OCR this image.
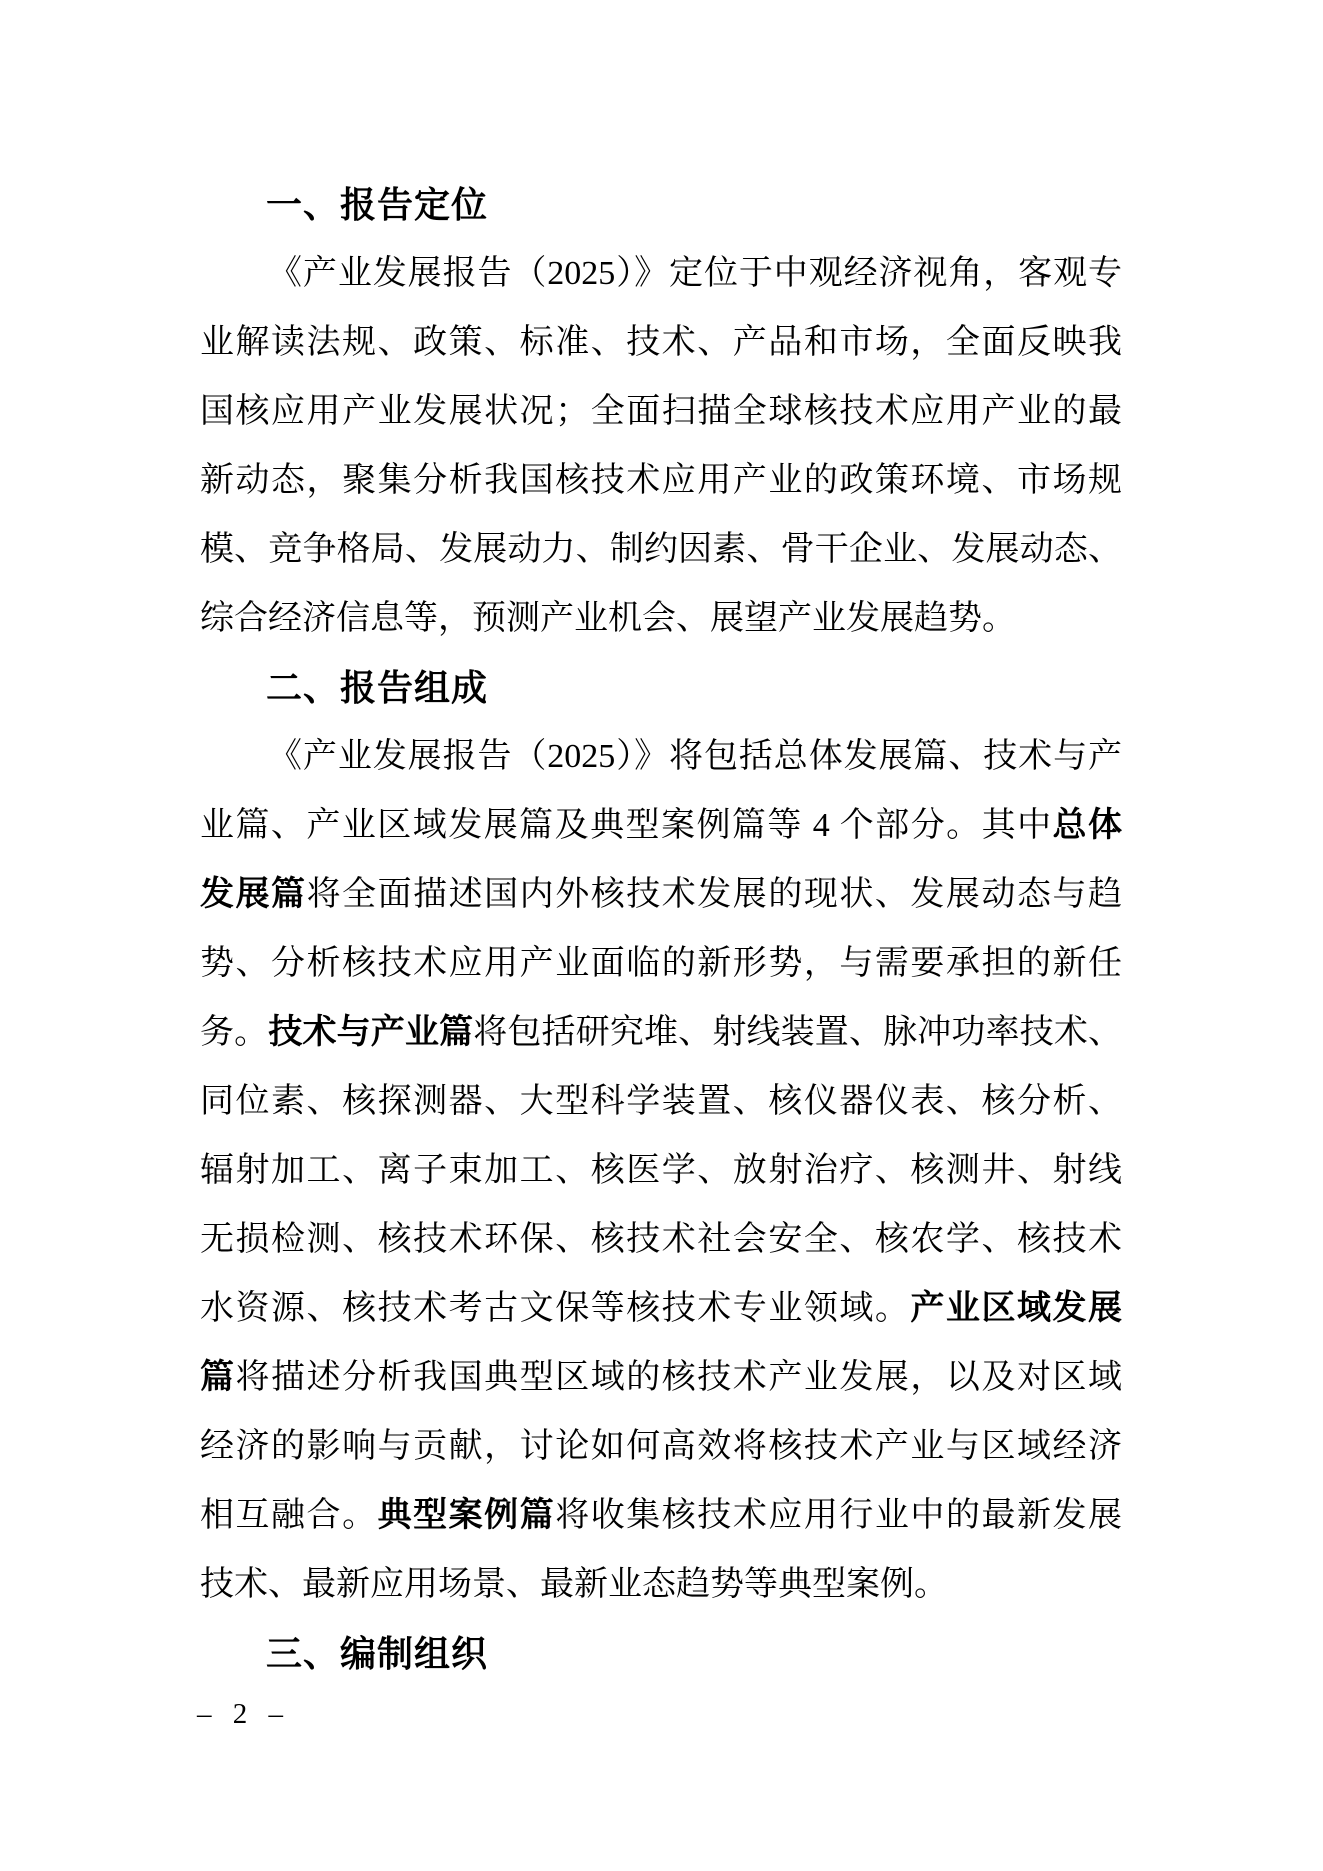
一、报告定位
《产业发展报告（2025）》定位于中观经济视角，客观专
业解读法规、政策、标准、技术、产品和市场，全面反映我
国核应用产业发展状况；全面扫描全球核技术应用产业的最
新动态，聚集分析我国核技术应用产业的政策环境、市场规
模、竞争格局、发展动力、制约因素、骨干企业、发展动态、
综合经济信息等，预测产业机会、展望产业发展趋势。
二、报告组成
《产业发展报告（2025）》将包括总体发展篇、技术与产
业篇、产业区域发展篇及典型案例篇等 4 个部分。其中总体
发展篇将全面描述国内外核技术发展的现状、发展动态与趋
势、分析核技术应用产业面临的新形势，与需要承担的新任
务。技术与产业篇将包括研究堆、射线装置、脉冲功率技术、
同位素、核探测器、大型科学装置、核仪器仪表、核分析、
辐射加工、离子束加工、核医学、放射治疗、核测井、射线
无损检测、核技术环保、核技术社会安全、核农学、核技术
水资源、核技术考古文保等核技术专业领域。产业区域发展
篇将描述分析我国典型区域的核技术产业发展，以及对区域
经济的影响与贡献，讨论如何高效将核技术产业与区域经济
相互融合。典型案例篇将收集核技术应用行业中的最新发展
技术、最新应用场景、最新业态趋势等典型案例。
三、编制组织
– 2 –
